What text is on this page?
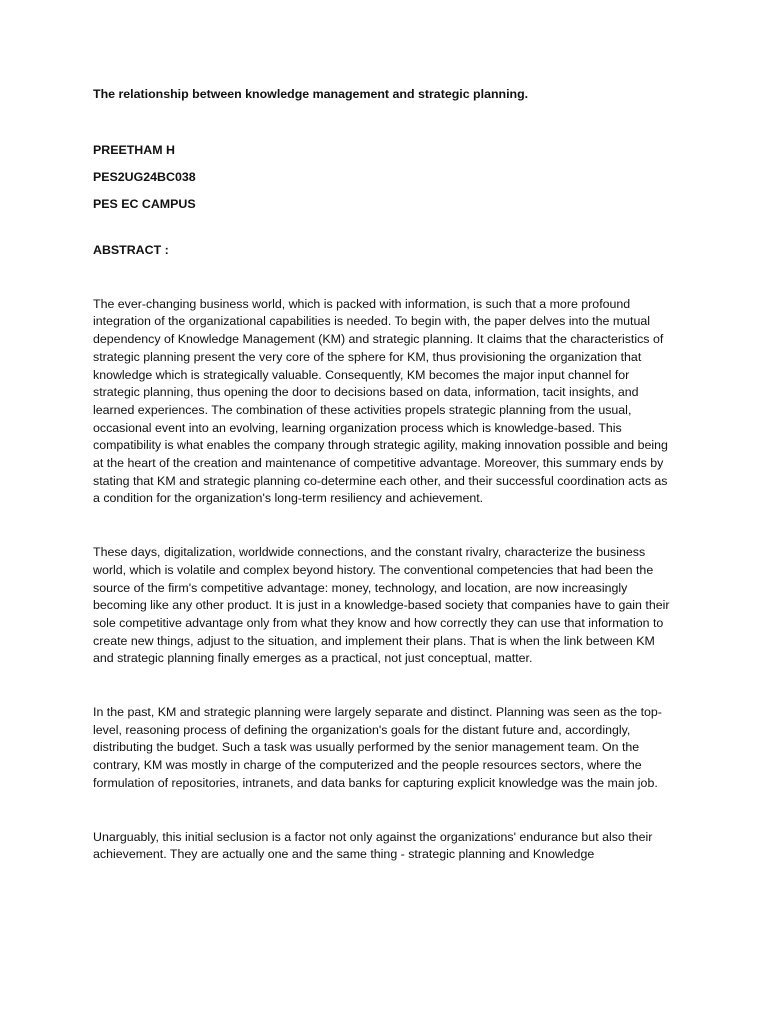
The relationship between knowledge management and strategic planning.

PREETHAM H

PES2UG24BC038

PES EC CAMPUS

ABSTRACT :

The ever-changing business world, which is packed with information, is such that a more profound integration of the organizational capabilities is needed. To begin with, the paper delves into the mutual dependency of Knowledge Management (KM) and strategic planning. It claims that the characteristics of strategic planning present the very core of the sphere for KM, thus provisioning the organization that knowledge which is strategically valuable. Consequently, KM becomes the major input channel for strategic planning, thus opening the door to decisions based on data, information, tacit insights, and learned experiences. The combination of these activities propels strategic planning from the usual, occasional event into an evolving, learning organization process which is knowledge-based. This compatibility is what enables the company through strategic agility, making innovation possible and being at the heart of the creation and maintenance of competitive advantage. Moreover, this summary ends by stating that KM and strategic planning co-determine each other, and their successful coordination acts as a condition for the organization's long-term resiliency and achievement.

These days, digitalization, worldwide connections, and the constant rivalry, characterize the business world, which is volatile and complex beyond history. The conventional competencies that had been the source of the firm's competitive advantage: money, technology, and location, are now increasingly becoming like any other product. It is just in a knowledge-based society that companies have to gain their sole competitive advantage only from what they know and how correctly they can use that information to create new things, adjust to the situation, and implement their plans. That is when the link between KM and strategic planning finally emerges as a practical, not just conceptual, matter.

In the past, KM and strategic planning were largely separate and distinct. Planning was seen as the top-level, reasoning process of defining the organization's goals for the distant future and, accordingly, distributing the budget. Such a task was usually performed by the senior management team. On the contrary, KM was mostly in charge of the computerized and the people resources sectors, where the formulation of repositories, intranets, and data banks for capturing explicit knowledge was the main job.

Unarguably, this initial seclusion is a factor not only against the organizations' endurance but also their achievement. They are actually one and the same thing - strategic planning and Knowledge
